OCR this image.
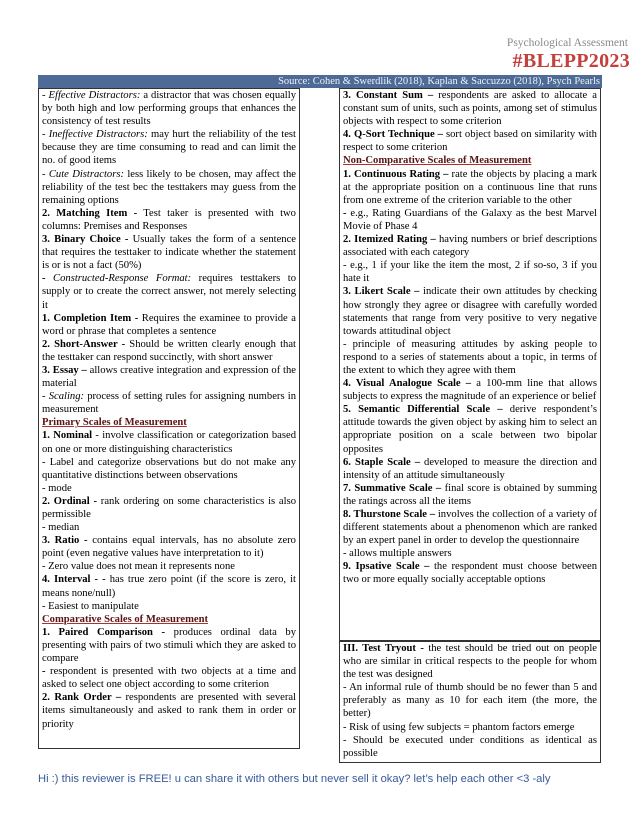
Psychological Assessment
#BLEPP2023
Source: Cohen & Swerdlik (2018), Kaplan & Saccuzzo (2018), Psych Pearls

- Effective Distractors: a distractor that was chosen equally by both high and low performing groups that enhances the consistency of test results

- Ineffective Distractors: may hurt the reliability of the test because they are time consuming to read and can limit the no. of good items

- Cute Distractors: less likely to be chosen, may affect the reliability of the test bec the testtakers may guess from the remaining options

2. Matching Item - Test taker is presented with two columns: Premises and Responses

3. Binary Choice - Usually takes the form of a sentence that requires the testtaker to indicate whether the statement is or is not a fact (50%)

- Constructed-Response Format: requires testtakers to supply or to create the correct answer, not merely selecting it

1. Completion Item - Requires the examinee to provide a word or phrase that completes a sentence

2. Short-Answer - Should be written clearly enough that the testtaker can respond succinctly, with short answer

3. Essay – allows creative integration and expression of the material

- Scaling: process of setting rules for assigning numbers in measurement

Primary Scales of Measurement

1. Nominal - involve classification or categorization based on one or more distinguishing characteristics

- Label and categorize observations but do not make any quantitative distinctions between observations

- mode

2. Ordinal - rank ordering on some characteristics is also permissible

- median

3. Ratio - contains equal intervals, has no absolute zero point (even negative values have interpretation to it)

- Zero value does not mean it represents none

4. Interval - - has true zero point (if the score is zero, it means none/null)

- Easiest to manipulate

Comparative Scales of Measurement

1. Paired Comparison - produces ordinal data by presenting with pairs of two stimuli which they are asked to compare

- respondent is presented with two objects at a time and asked to select one object according to some criterion

2. Rank Order – respondents are presented with several items simultaneously and asked to rank them in order or priority

3. Constant Sum – respondents are asked to allocate a constant sum of units, such as points, among set of stimulus objects with respect to some criterion

4. Q-Sort Technique – sort object based on similarity with respect to some criterion

Non-Comparative Scales of Measurement

1. Continuous Rating – rate the objects by placing a mark at the appropriate position on a continuous line that runs from one extreme of the criterion variable to the other

- e.g., Rating Guardians of the Galaxy as the best Marvel Movie of Phase 4

2. Itemized Rating – having numbers or brief descriptions associated with each category

- e.g., 1 if your like the item the most, 2 if so-so, 3 if you hate it

3. Likert Scale – indicate their own attitudes by checking how strongly they agree or disagree with carefully worded statements that range from very positive to very negative towards attitudinal object

- principle of measuring attitudes by asking people to respond to a series of statements about a topic, in terms of the extent to which they agree with them

4. Visual Analogue Scale – a 100-mm line that allows subjects to express the magnitude of an experience or belief

5. Semantic Differential Scale – derive respondent’s attitude towards the given object by asking him to select an appropriate position on a scale between two bipolar opposites

6. Staple Scale – developed to measure the direction and intensity of an attitude simultaneously

7. Summative Scale – final score is obtained by summing the ratings across all the items

8. Thurstone Scale – involves the collection of a variety of different statements about a phenomenon which are ranked by an expert panel in order to develop the questionnaire

- allows multiple answers

9. Ipsative Scale – the respondent must choose between two or more equally socially acceptable options

III. Test Tryout - the test should be tried out on people who are similar in critical respects to the people for whom the test was designed

- An informal rule of thumb should be no fewer than 5 and preferably as many as 10 for each item (the more, the better)

- Risk of using few subjects = phantom factors emerge

- Should be executed under conditions as identical as possible

Hi :) this reviewer is FREE! u can share it with others but never sell it okay? let’s help each other <3 -aly
